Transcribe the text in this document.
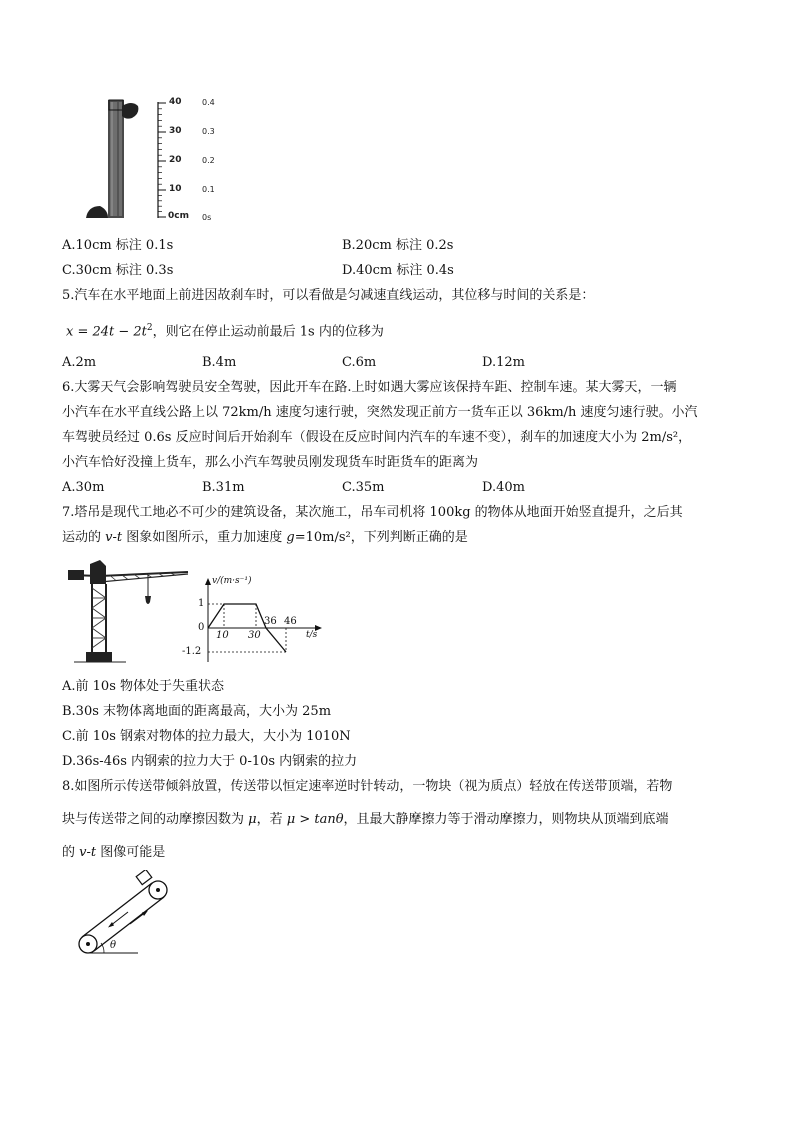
40
30
20
10
0cm
0.4
0.3
0.2
0.1
0s
A.10cm 标注 0.1s	B.20cm 标注 0.2s
C.30cm 标注 0.3s	D.40cm 标注 0.4s
5.汽车在水平地面上前进因故刹车时，可以看做是匀减速直线运动，其位移与时间的关系是：
$x = 24t - 2t^2$，则它在停止运动前最后 1s 内的位移为
A.2m	B.4m	C.6m	D.12m
6.大雾天气会影响驾驶员安全驾驶，因此开车在路.上时如遇大雾应该保持车距、控制车速。某大雾天，一辆
小汽车在水平直线公路上以 72km/h 速度匀速行驶，突然发现正前方一货车正以 36km/h 速度匀速行驶。小汽
车驾驶员经过 0.6s 反应时间后开始刹车（假设在反应时间内汽车的车速不变），刹车的加速度大小为 2m/s²，
小汽车恰好没撞上货车，那么小汽车驾驶员刚发现货车时距货车的距离为
A.30m	B.31m	C.35m	D.40m
7.塔吊是现代工地必不可少的建筑设备，某次施工，吊车司机将 100kg 的物体从地面开始竖直提升，之后其
运动的 v-t 图象如图所示，重力加速度 g=10m/s²，下列判断正确的是
v/(m·s⁻¹)
t/s
1
0
-1.2
10 30
36 46
A.前 10s 物体处于失重状态
B.30s 末物体离地面的距离最高，大小为 25m
C.前 10s 钢索对物体的拉力最大，大小为 1010N
D.36s-46s 内钢索的拉力大于 0-10s 内钢索的拉力
8.如图所示传送带倾斜放置，传送带以恒定速率逆时针转动，一物块（视为质点）轻放在传送带顶端，若物
块与传送带之间的动摩擦因数为 μ，若 μ > tanθ，且最大静摩擦力等于滑动摩擦力，则物块从顶端到底端
的 v-t 图像可能是
θ
